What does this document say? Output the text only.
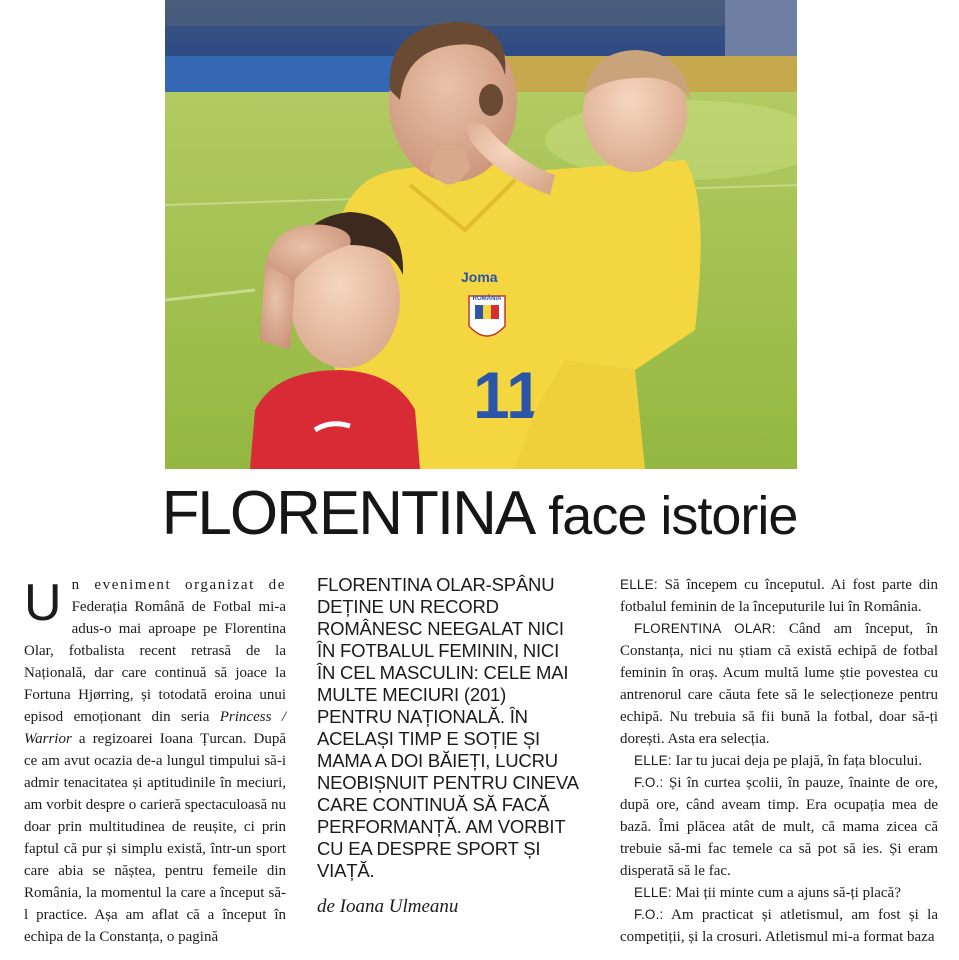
Joma
ROMÂNIA
11
FLORENTINA face istorie
U n eveniment organizat de Federația Română de Fotbal mi-a adus-o mai aproape pe Florentina Olar, fotbalista recent retrasă de la Națională, dar care continuă să joace la Fortuna Hjørring, și totodată eroina unui episod emoționant din seria Princess / Warrior a regizoarei Ioana Țurcan. După ce am avut ocazia de-a lungul timpului să-i admir tenacitatea și aptitudinile în meciuri, am vorbit despre o carieră spectaculoasă nu doar prin multitudinea de reușite, ci prin faptul că pur și simplu există, într-un sport care abia se năștea, pentru femeile din România, la momentul la care a început să-l practice. Așa am aflat că a început în echipa de la Constanța, o pagină

FLORENTINA OLAR-SPÂNU DEȚINE UN RECORD ROMÂNESC NEEGALAT NICI ÎN FOTBALUL FEMININ, NICI ÎN CEL MASCULIN: CELE MAI MULTE MECIURI (201) PENTRU NAȚIONALĂ. ÎN ACELAȘI TIMP E SOȚIE ȘI MAMA A DOI BĂIEȚI, LUCRU NEOBIȘNUIT PENTRU CINEVA CARE CONTINUĂ SĂ FACĂ PERFORMANȚĂ. AM VORBIT CU EA DESPRE SPORT ȘI VIAȚĂ.

de Ioana Ulmeanu

ELLE: Să începem cu începutul. Ai fost parte din fotbalul feminin de la începuturile lui în România.

FLORENTINA OLAR: Când am început, în Constanța, nici nu știam că există echipă de fotbal feminin în oraș. Acum multă lume știe povestea cu antrenorul care căuta fete să le selecționeze pentru echipă. Nu trebuia să fii bună la fotbal, doar să-ți dorești. Asta era selecția.

ELLE: Iar tu jucai deja pe plajă, în fața blocului.

F.O.: Și în curtea școlii, în pauze, înainte de ore, după ore, când aveam timp. Era ocupația mea de bază. Îmi plăcea atât de mult, că mama zicea că trebuie să-mi fac temele ca să pot să ies. Și eram disperată să le fac.

ELLE: Mai ții minte cum a ajuns să-ți placă?

F.O.: Am practicat și atletismul, am fost și la competiții, și la crosuri. Atletismul mi-a format baza
